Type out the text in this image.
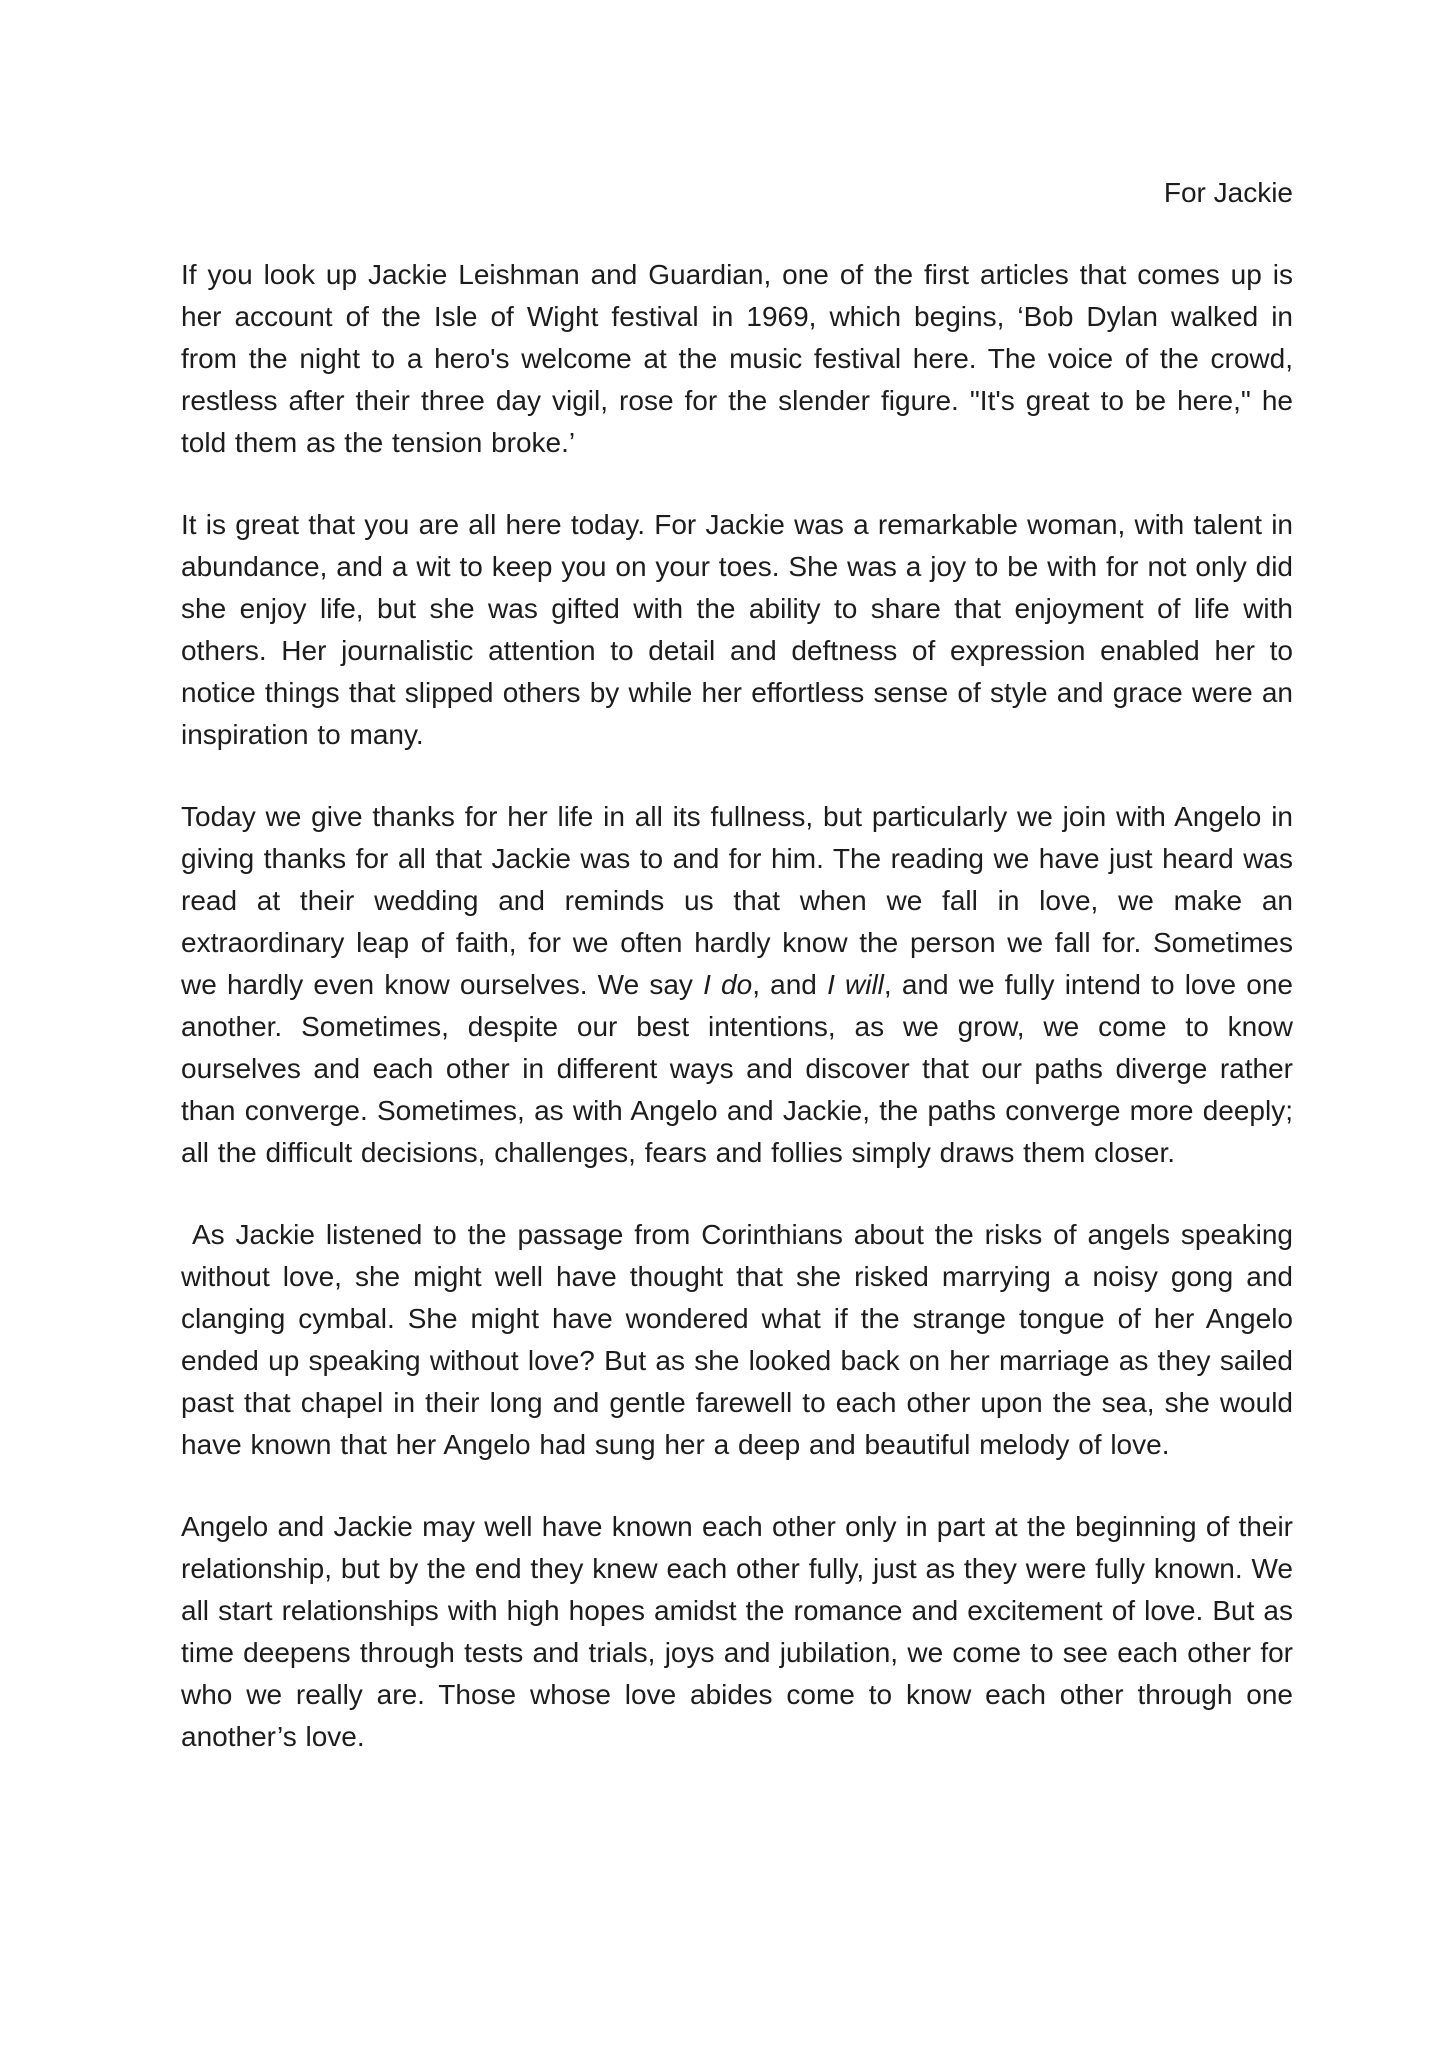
For Jackie

If you look up Jackie Leishman and Guardian, one of the first articles that comes up is her account of the Isle of Wight festival in 1969, which begins, ‘Bob Dylan walked in from the night to a hero's welcome at the music festival here. The voice of the crowd, restless after their three day vigil, rose for the slender figure. "It's great to be here," he told them as the tension broke.’

It is great that you are all here today. For Jackie was a remarkable woman, with talent in abundance, and a wit to keep you on your toes. She was a joy to be with for not only did she enjoy life, but she was gifted with the ability to share that enjoyment of life with others. Her journalistic attention to detail and deftness of expression enabled her to notice things that slipped others by while her effortless sense of style and grace were an inspiration to many.

Today we give thanks for her life in all its fullness, but particularly we join with Angelo in giving thanks for all that Jackie was to and for him. The reading we have just heard was read at their wedding and reminds us that when we fall in love, we make an extraordinary leap of faith, for we often hardly know the person we fall for. Sometimes we hardly even know ourselves. We say I do, and I will, and we fully intend to love one another. Sometimes, despite our best intentions, as we grow, we come to know ourselves and each other in different ways and discover that our paths diverge rather than converge. Sometimes, as with Angelo and Jackie, the paths converge more deeply; all the difficult decisions, challenges, fears and follies simply draws them closer.

As Jackie listened to the passage from Corinthians about the risks of angels speaking without love, she might well have thought that she risked marrying a noisy gong and clanging cymbal. She might have wondered what if the strange tongue of her Angelo ended up speaking without love? But as she looked back on her marriage as they sailed past that chapel in their long and gentle farewell to each other upon the sea, she would have known that her Angelo had sung her a deep and beautiful melody of love.

Angelo and Jackie may well have known each other only in part at the beginning of their relationship, but by the end they knew each other fully, just as they were fully known. We all start relationships with high hopes amidst the romance and excitement of love. But as time deepens through tests and trials, joys and jubilation, we come to see each other for who we really are. Those whose love abides come to know each other through one another’s love.
